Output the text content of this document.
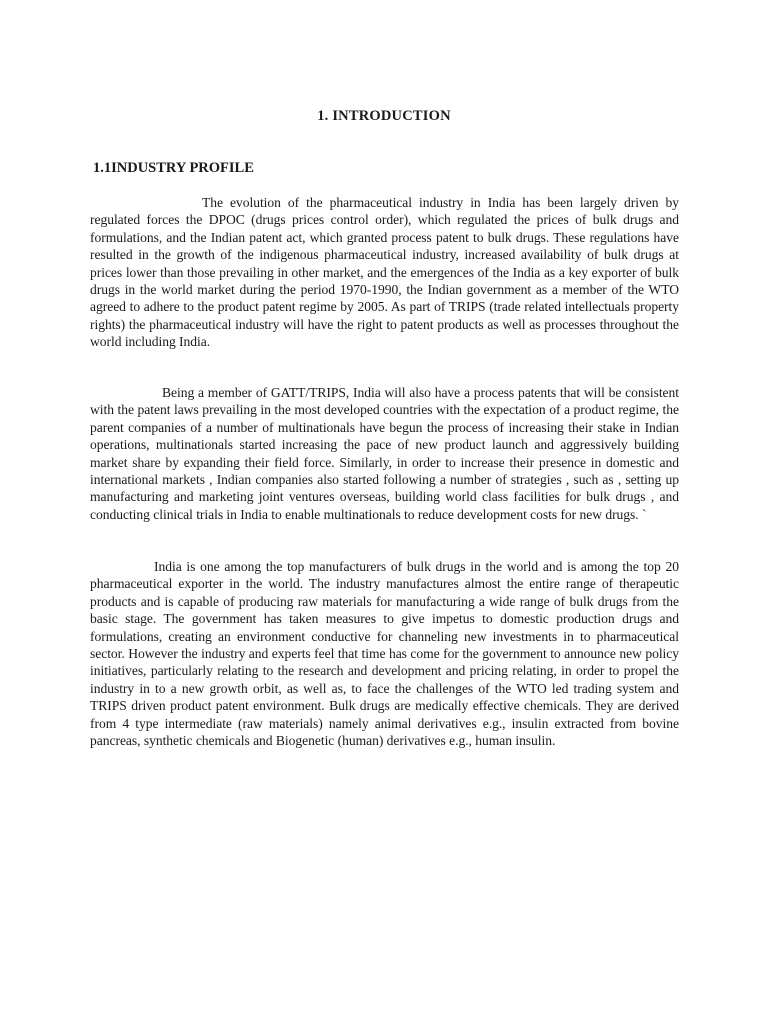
1. INTRODUCTION
1.1INDUSTRY PROFILE

The evolution of the pharmaceutical industry in India has been largely driven by regulated forces the DPOC (drugs prices control order), which regulated the prices of bulk drugs and formulations, and the Indian patent act, which granted process patent to bulk drugs. These regulations have resulted in the growth of the indigenous pharmaceutical industry, increased availability of bulk drugs at prices lower than those prevailing in other market, and the emergences of the India as a key exporter of bulk drugs in the world market during the period 1970-1990, the Indian government as a member of the WTO agreed to adhere to the product patent regime by 2005. As part of TRIPS (trade related intellectuals property rights) the pharmaceutical industry will have the right to patent products as well as processes throughout the world including India.

Being a member of GATT/TRIPS, India will also have a process patents that will be consistent with the patent laws prevailing in the most developed countries with the expectation of a product regime, the parent companies of a number of multinationals have begun the process of increasing their stake in Indian operations, multinationals started increasing the pace of new product launch and aggressively building market share by expanding their field force. Similarly, in order to increase their presence in domestic and international markets , Indian companies also started following a number of strategies , such as , setting up manufacturing and marketing joint ventures overseas, building world class facilities for bulk drugs , and conducting clinical trials in India to enable multinationals to reduce development costs for new drugs. `

India is one among the top manufacturers of bulk drugs in the world and is among the top 20 pharmaceutical exporter in the world. The industry manufactures almost the entire range of therapeutic products and is capable of producing raw materials for manufacturing a wide range of bulk drugs from the basic stage. The government has taken measures to give impetus to domestic production drugs and formulations, creating an environment conductive for channeling new investments in to pharmaceutical sector. However the industry and experts feel that time has come for the government to announce new policy initiatives, particularly relating to the research and development and pricing relating, in order to propel the industry in to a new growth orbit, as well as, to face the challenges of the WTO led trading system and TRIPS driven product patent environment. Bulk drugs are medically effective chemicals. They are derived from 4 type intermediate (raw materials) namely animal derivatives e.g., insulin extracted from bovine pancreas, synthetic chemicals and Biogenetic (human) derivatives e.g., human insulin.
